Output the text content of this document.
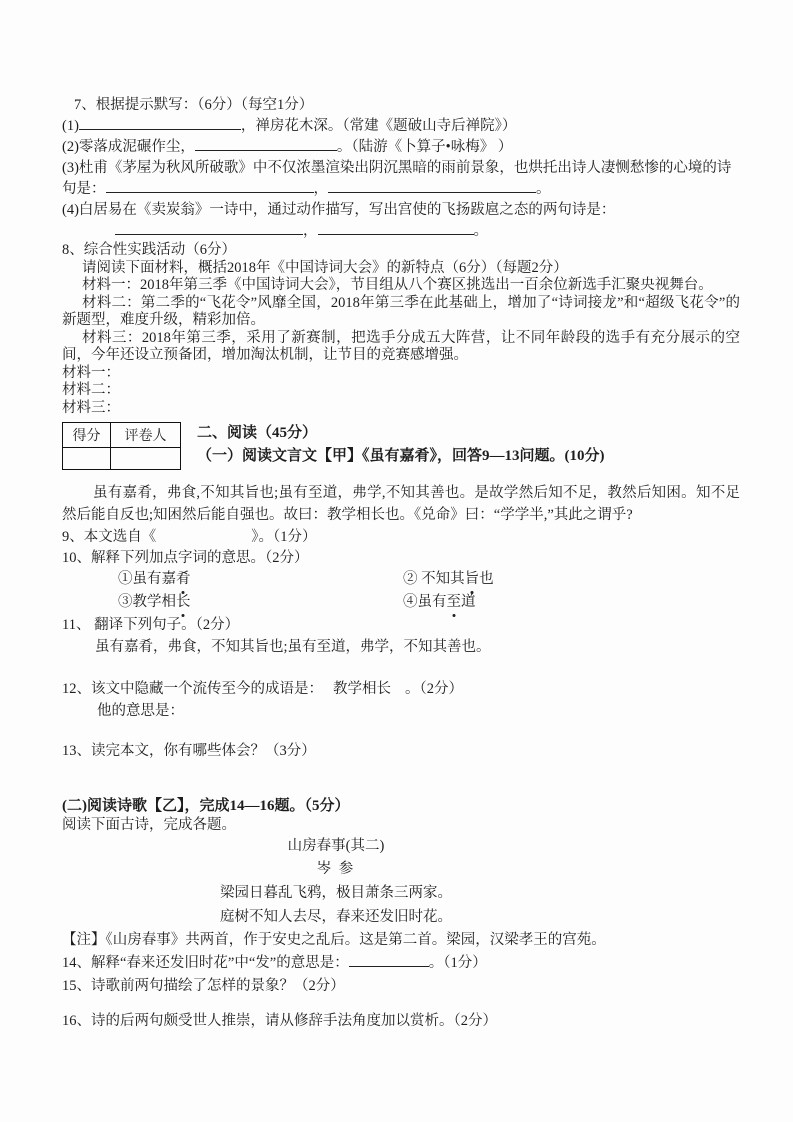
7、根据提示默写：（6分）（每空1分）
(1)	，禅房花木深。（常建《题破山寺后禅院》）
(2)零落成泥碾作尘，	。（陆游《卜算子•咏梅》 ）
(3)杜甫《茅屋为秋风所破歌》中不仅浓墨渲染出阴沉黑暗的雨前景象，也烘托出诗人凄恻愁惨的心境的诗
句是：	，	。
(4)白居易在《卖炭翁》一诗中，通过动作描写，写出宫使的飞扬跋扈之态的两句诗是：
，	。
8、综合性实践活动（6分）
请阅读下面材料，概括2018年《中国诗词大会》的新特点（6分）（每题2分）
材料一：2018年第三季《中国诗词大会》，节目组从八个赛区挑选出一百余位新选手汇聚央视舞台。
材料二：第二季的“飞花令”风靡全国，2018年第三季在此基础上，增加了“诗词接龙”和“超级飞花令”的新题型，难度升级，精彩加倍。
材料三：2018年第三季，采用了新赛制，把选手分成五大阵营，让不同年龄段的选手有充分展示的空间，今年还设立预备团，增加淘汰机制，让节目的竞赛感增强。
材料一：
材料二：
材料三：
得分	评卷人
	二、阅读（45分）
（一）阅读文言文【甲】《虽有嘉肴》，回答9—13问题。(10分)
虽有嘉肴，弗食,不知其旨也;虽有至道，弗学,不知其善也。是故学然后知不足，教然后知困。知不足然后能自反也;知困然后能自强也。故曰：教学相长也。《兑命》曰：“学学半,”其此之谓乎?
9、本文选自《	》。（1分）
10、解释下列加点字词的意思。（2分）
①虽有嘉肴	② 不知其旨也
③教学相长	④虽有至道
11、 翻译下列句子。（2分）
虽有嘉肴，弗食，不知其旨也;虽有至道，弗学，不知其善也。
12、该文中隐藏一个流传至今的成语是： 教学相长 。（2分）
他的意思是：
13、读完本文，你有哪些体会？（3分）
(二)阅读诗歌【乙】，完成14—16题。（5分）
阅读下面古诗，完成各题。
山房春事(其二)
岑 参
梁园日暮乱飞鸦，极目萧条三两家。
庭树不知人去尽，春来还发旧时花。
【注】《山房春事》共两首，作于安史之乱后。这是第二首。梁园，汉梁孝王的宫苑。
14、解释“春来还发旧时花”中“发”的意思是：	。（1分）
15、诗歌前两句描绘了怎样的景象？（2分）
16、诗的后两句颇受世人推崇，请从修辞手法角度加以赏析。（2分）
